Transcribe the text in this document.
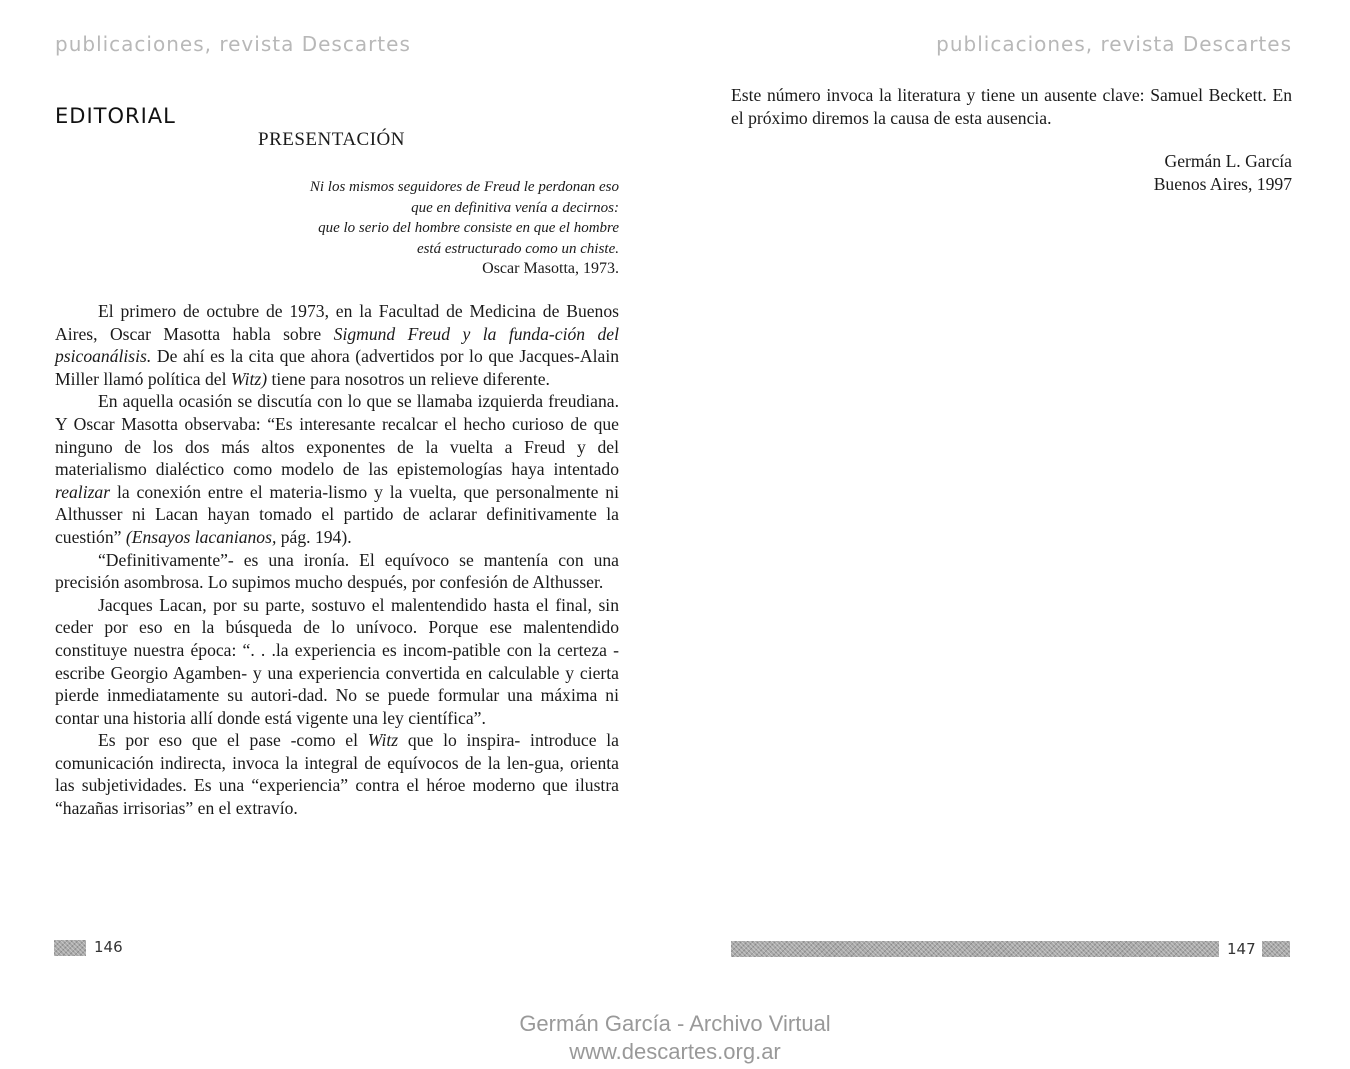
publicaciones, revista Descartes	publicaciones, revista Descartes
EDITORIAL
PRESENTACIÓN
Ni los mismos seguidores de Freud le perdonan eso
que en definitiva venía a decirnos:
que lo serio del hombre consiste en que el hombre
está estructurado como un chiste.
Oscar Masotta, 1973.

El primero de octubre de 1973, en la Facultad de Medicina de Buenos Aires, Oscar Masotta habla sobre Sigmund Freud y la funda-ción del psicoanálisis. De ahí es la cita que ahora (advertidos por lo que Jacques-Alain Miller llamó política del Witz) tiene para nosotros un relieve diferente.

En aquella ocasión se discutía con lo que se llamaba izquierda freudiana. Y Oscar Masotta observaba: “Es interesante recalcar el hecho curioso de que ninguno de los dos más altos exponentes de la vuelta a Freud y del materialismo dialéctico como modelo de las epistemologías haya intentado realizar la conexión entre el materia-lismo y la vuelta, que personalmente ni Althusser ni Lacan hayan tomado el partido de aclarar definitivamente la cuestión” (Ensayos lacanianos, pág. 194).

“Definitivamente”- es una ironía. El equívoco se mantenía con una precisión asombrosa. Lo supimos mucho después, por confesión de Althusser.

Jacques Lacan, por su parte, sostuvo el malentendido hasta el final, sin ceder por eso en la búsqueda de lo unívoco. Porque ese malentendido constituye nuestra época: “. . .la experiencia es incom-patible con la certeza -escribe Georgio Agamben- y una experiencia convertida en calculable y cierta pierde inmediatamente su autori-dad. No se puede formular una máxima ni contar una historia allí donde está vigente una ley científica”.

Es por eso que el pase -como el Witz que lo inspira- introduce la comunicación indirecta, invoca la integral de equívocos de la len-gua, orienta las subjetividades. Es una “experiencia” contra el héroe moderno que ilustra “hazañas irrisorias” en el extravío.

Este número invoca la literatura y tiene un ausente clave: Samuel Beckett. En el próximo diremos la causa de esta ausencia.

Germán L. García
Buenos Aires, 1997
146	147
Germán García - Archivo Virtual
www.descartes.org.ar
